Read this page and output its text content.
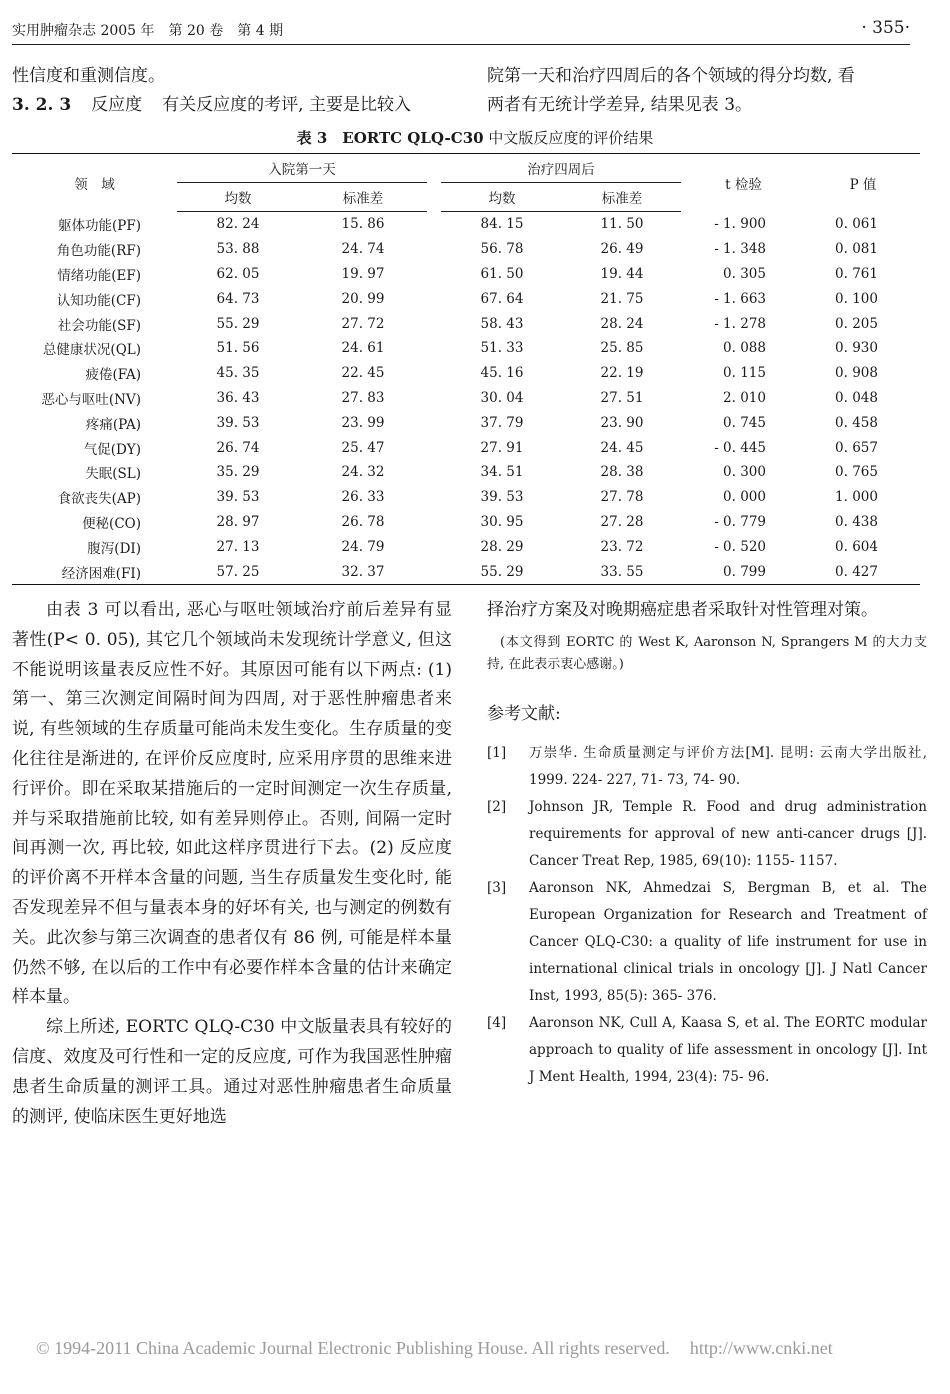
实用肿瘤杂志 2005 年　第 20 卷　第 4 期	· 355·
性信度和重测信度。
3. 2. 3 反应度 有关反应度的考评, 主要是比较入
院第一天和治疗四周后的各个领域的得分均数, 看
两者有无统计学差异, 结果见表 3。
表 3　EORTC QLQ-C30 中文版反应度的评价结果
领　域	入院第一天			治疗四周后		t 检验	P 值
	均数	标准差		均数	标准差		
躯体功能(PF)	82. 24	15. 86		84. 15	11. 50	- 1. 900	0. 061
角色功能(RF)	53. 88	24. 74		56. 78	26. 49	- 1. 348	0. 081
情绪功能(EF)	62. 05	19. 97		61. 50	19. 44	0. 305	0. 761
认知功能(CF)	64. 73	20. 99		67. 64	21. 75	- 1. 663	0. 100
社会功能(SF)	55. 29	27. 72		58. 43	28. 24	- 1. 278	0. 205
总健康状况(QL)	51. 56	24. 61		51. 33	25. 85	0. 088	0. 930
疲倦(FA)	45. 35	22. 45		45. 16	22. 19	0. 115	0. 908
恶心与呕吐(NV)	36. 43	27. 83		30. 04	27. 51	2. 010	0. 048
疼痛(PA)	39. 53	23. 99		37. 79	23. 90	0. 745	0. 458
气促(DY)	26. 74	25. 47		27. 91	24. 45	- 0. 445	0. 657
失眠(SL)	35. 29	24. 32		34. 51	28. 38	0. 300	0. 765
食欲丧失(AP)	39. 53	26. 33		39. 53	27. 78	0. 000	1. 000
便秘(CO)	28. 97	26. 78		30. 95	27. 28	- 0. 779	0. 438
腹泻(DI)	27. 13	24. 79		28. 29	23. 72	- 0. 520	0. 604
经济困难(FI)	57. 25	32. 37		55. 29	33. 55	0. 799	0. 427

由表 3 可以看出, 恶心与呕吐领域治疗前后差异有显著性(P< 0. 05), 其它几个领域尚未发现统计学意义, 但这不能说明该量表反应性不好。其原因可能有以下两点: (1) 第一、第三次测定间隔时间为四周, 对于恶性肿瘤患者来说, 有些领域的生存质量可能尚未发生变化。生存质量的变化往往是渐进的, 在评价反应度时, 应采用序贯的思维来进行评价。即在采取某措施后的一定时间测定一次生存质量, 并与采取措施前比较, 如有差异则停止。否则, 间隔一定时间再测一次, 再比较, 如此这样序贯进行下去。(2) 反应度的评价离不开样本含量的问题, 当生存质量发生变化时, 能否发现差异不但与量表本身的好坏有关, 也与测定的例数有关。此次参与第三次调查的患者仅有 86 例, 可能是样本量仍然不够, 在以后的工作中有必要作样本含量的估计来确定样本量。

综上所述, EORTC QLQ-C30 中文版量表具有较好的信度、效度及可行性和一定的反应度, 可作为我国恶性肿瘤患者生命质量的测评工具。通过对恶性肿瘤患者生命质量的测评, 使临床医生更好地选

择治疗方案及对晚期癌症患者采取针对性管理对策。

(本文得到 EORTC 的 West K, Aaronson N, Sprangers M 的大力支持, 在此表示衷心感谢。)

参考文献:

[1] 万崇华. 生命质量测定与评价方法[M]. 昆明: 云南大学出版社, 1999. 224- 227, 71- 73, 74- 90.
[2] Johnson JR, Temple R. Food and drug administration requirements for approval of new anti-cancer drugs [J]. Cancer Treat Rep, 1985, 69(10): 1155- 1157.
[3] Aaronson NK, Ahmedzai S, Bergman B, et al. The European Organization for Research and Treatment of Cancer QLQ-C30: a quality of life instrument for use in international clinical trials in oncology [J]. J Natl Cancer Inst, 1993, 85(5): 365- 376.
[4] Aaronson NK, Cull A, Kaasa S, et al. The EORTC modular approach to quality of life assessment in oncology [J]. Int J Ment Health, 1994, 23(4): 75- 96.
© 1994-2011 China Academic Journal Electronic Publishing House. All rights reserved. http://www.cnki.net
